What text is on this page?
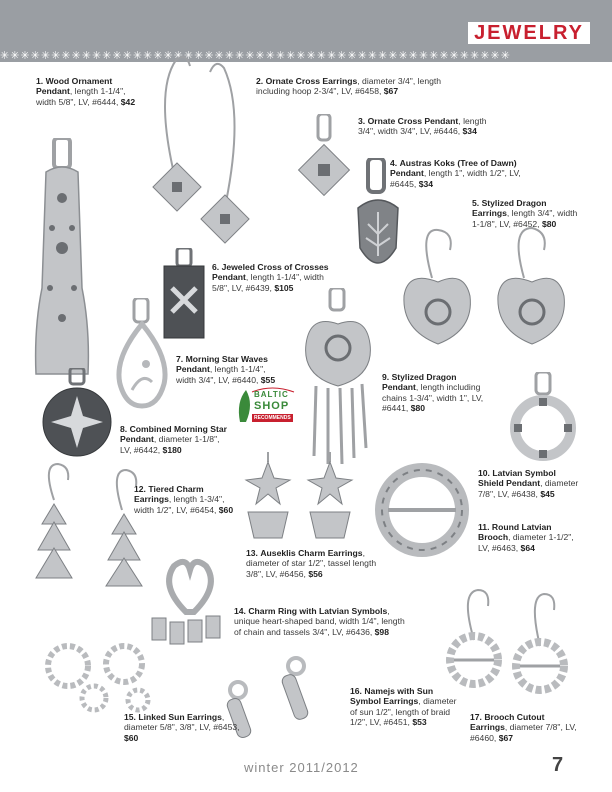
✳✳✳✳✳✳✳✳✳✳✳✳✳✳✳✳✳✳✳✳✳✳✳✳✳✳✳✳✳✳✳✳✳✳✳✳✳✳✳✳✳✳✳✳✳✳✳✳✳✳
JEWELRY
BALTIC
SHOP
RECOMMENDS
1. Wood Ornament Pendant, length 1-1/4", width 5/8", LV, #6444, $42
2. Ornate Cross Earrings, diameter 3/4", length including hoop 2-3/4", LV, #6458, $67
3. Ornate Cross Pendant, length 3/4", width 3/4", LV, #6446, $34
4. Austras Koks (Tree of Dawn) Pendant, length 1", width 1/2", LV, #6445, $34
5. Stylized Dragon Earrings, length 3/4", width 1-1/8", LV, #6452, $80
6. Jeweled Cross of Crosses Pendant, length 1-1/4", width 5/8", LV, #6439, $105
7. Morning Star Waves Pendant, length 1-1/4", width 3/4", LV, #6440, $55
8. Combined Morning Star Pendant, diameter 1-1/8", LV, #6442, $180
9. Stylized Dragon Pendant, length including chains 1-3/4", width 1", LV, #6441, $80
10. Latvian Symbol Shield Pendant, diameter 7/8", LV, #6438, $45
11. Round Latvian Brooch, diameter 1-1/2", LV, #6463, $64
12. Tiered Charm Earrings, length 1-3/4", width 1/2", LV, #6454, $60
13. Auseklis Charm Earrings, diameter of star 1/2", tassel length 3/8", LV, #6456, $56
14. Charm Ring with Latvian Symbols, unique heart-shaped band, width 1/4", length of chain and tassels 3/4", LV, #6436, $98
15. Linked Sun Earrings, diameter 5/8", 3/8", LV, #6453, $60
16. Namejs with Sun Symbol Earrings, diameter of sun 1/2", length of braid 1/2", LV, #6451, $53
17. Brooch Cutout Earrings, diameter 7/8", LV, #6460, $67
winter 2011/2012	7
